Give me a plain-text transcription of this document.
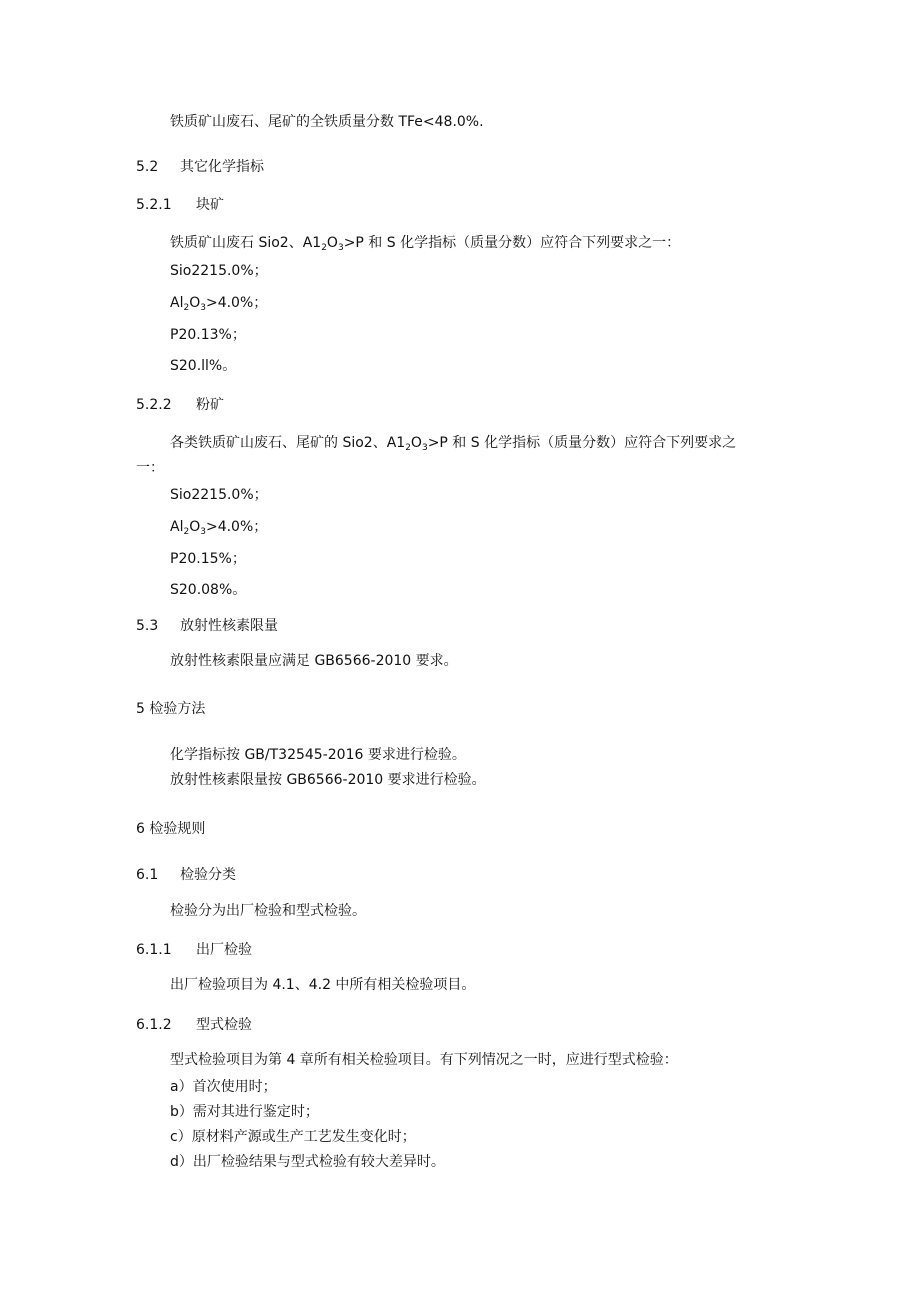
铁质矿山废石、尾矿的全铁质量分数 TFe<48.0%.
5.2 其它化学指标
5.2.1 块矿
铁质矿山废石 Sio2、$A1_2O_3>P$ 和 S 化学指标（质量分数）应符合下列要求之一：
Sio2215.0%；
$Al_2O_3>4.0\%$；
P20.13%；
S20.ll%。
5.2.2 粉矿
各类铁质矿山废石、尾矿的 Sio2、$A1_2O_3>P$ 和 S 化学指标（质量分数）应符合下列要求之
一：
Sio2215.0%；
$Al_2O_3>4.0\%$；
P20.15%；
S20.08%。
5.3 放射性核素限量
放射性核素限量应满足 GB6566-2010 要求。
5 检验方法
化学指标按 GB/T32545-2016 要求进行检验。
放射性核素限量按 GB6566-2010 要求进行检验。
6 检验规则
6.1 检验分类
检验分为出厂检验和型式检验。
6.1.1 出厂检验
出厂检验项目为 4.1、4.2 中所有相关检验项目。
6.1.2 型式检验
型式检验项目为第 4 章所有相关检验项目。有下列情况之一时，应进行型式检验：
a）首次使用时；
b）需对其进行鉴定时；
c）原材料产源或生产工艺发生变化时；
d）出厂检验结果与型式检验有较大差异时。
